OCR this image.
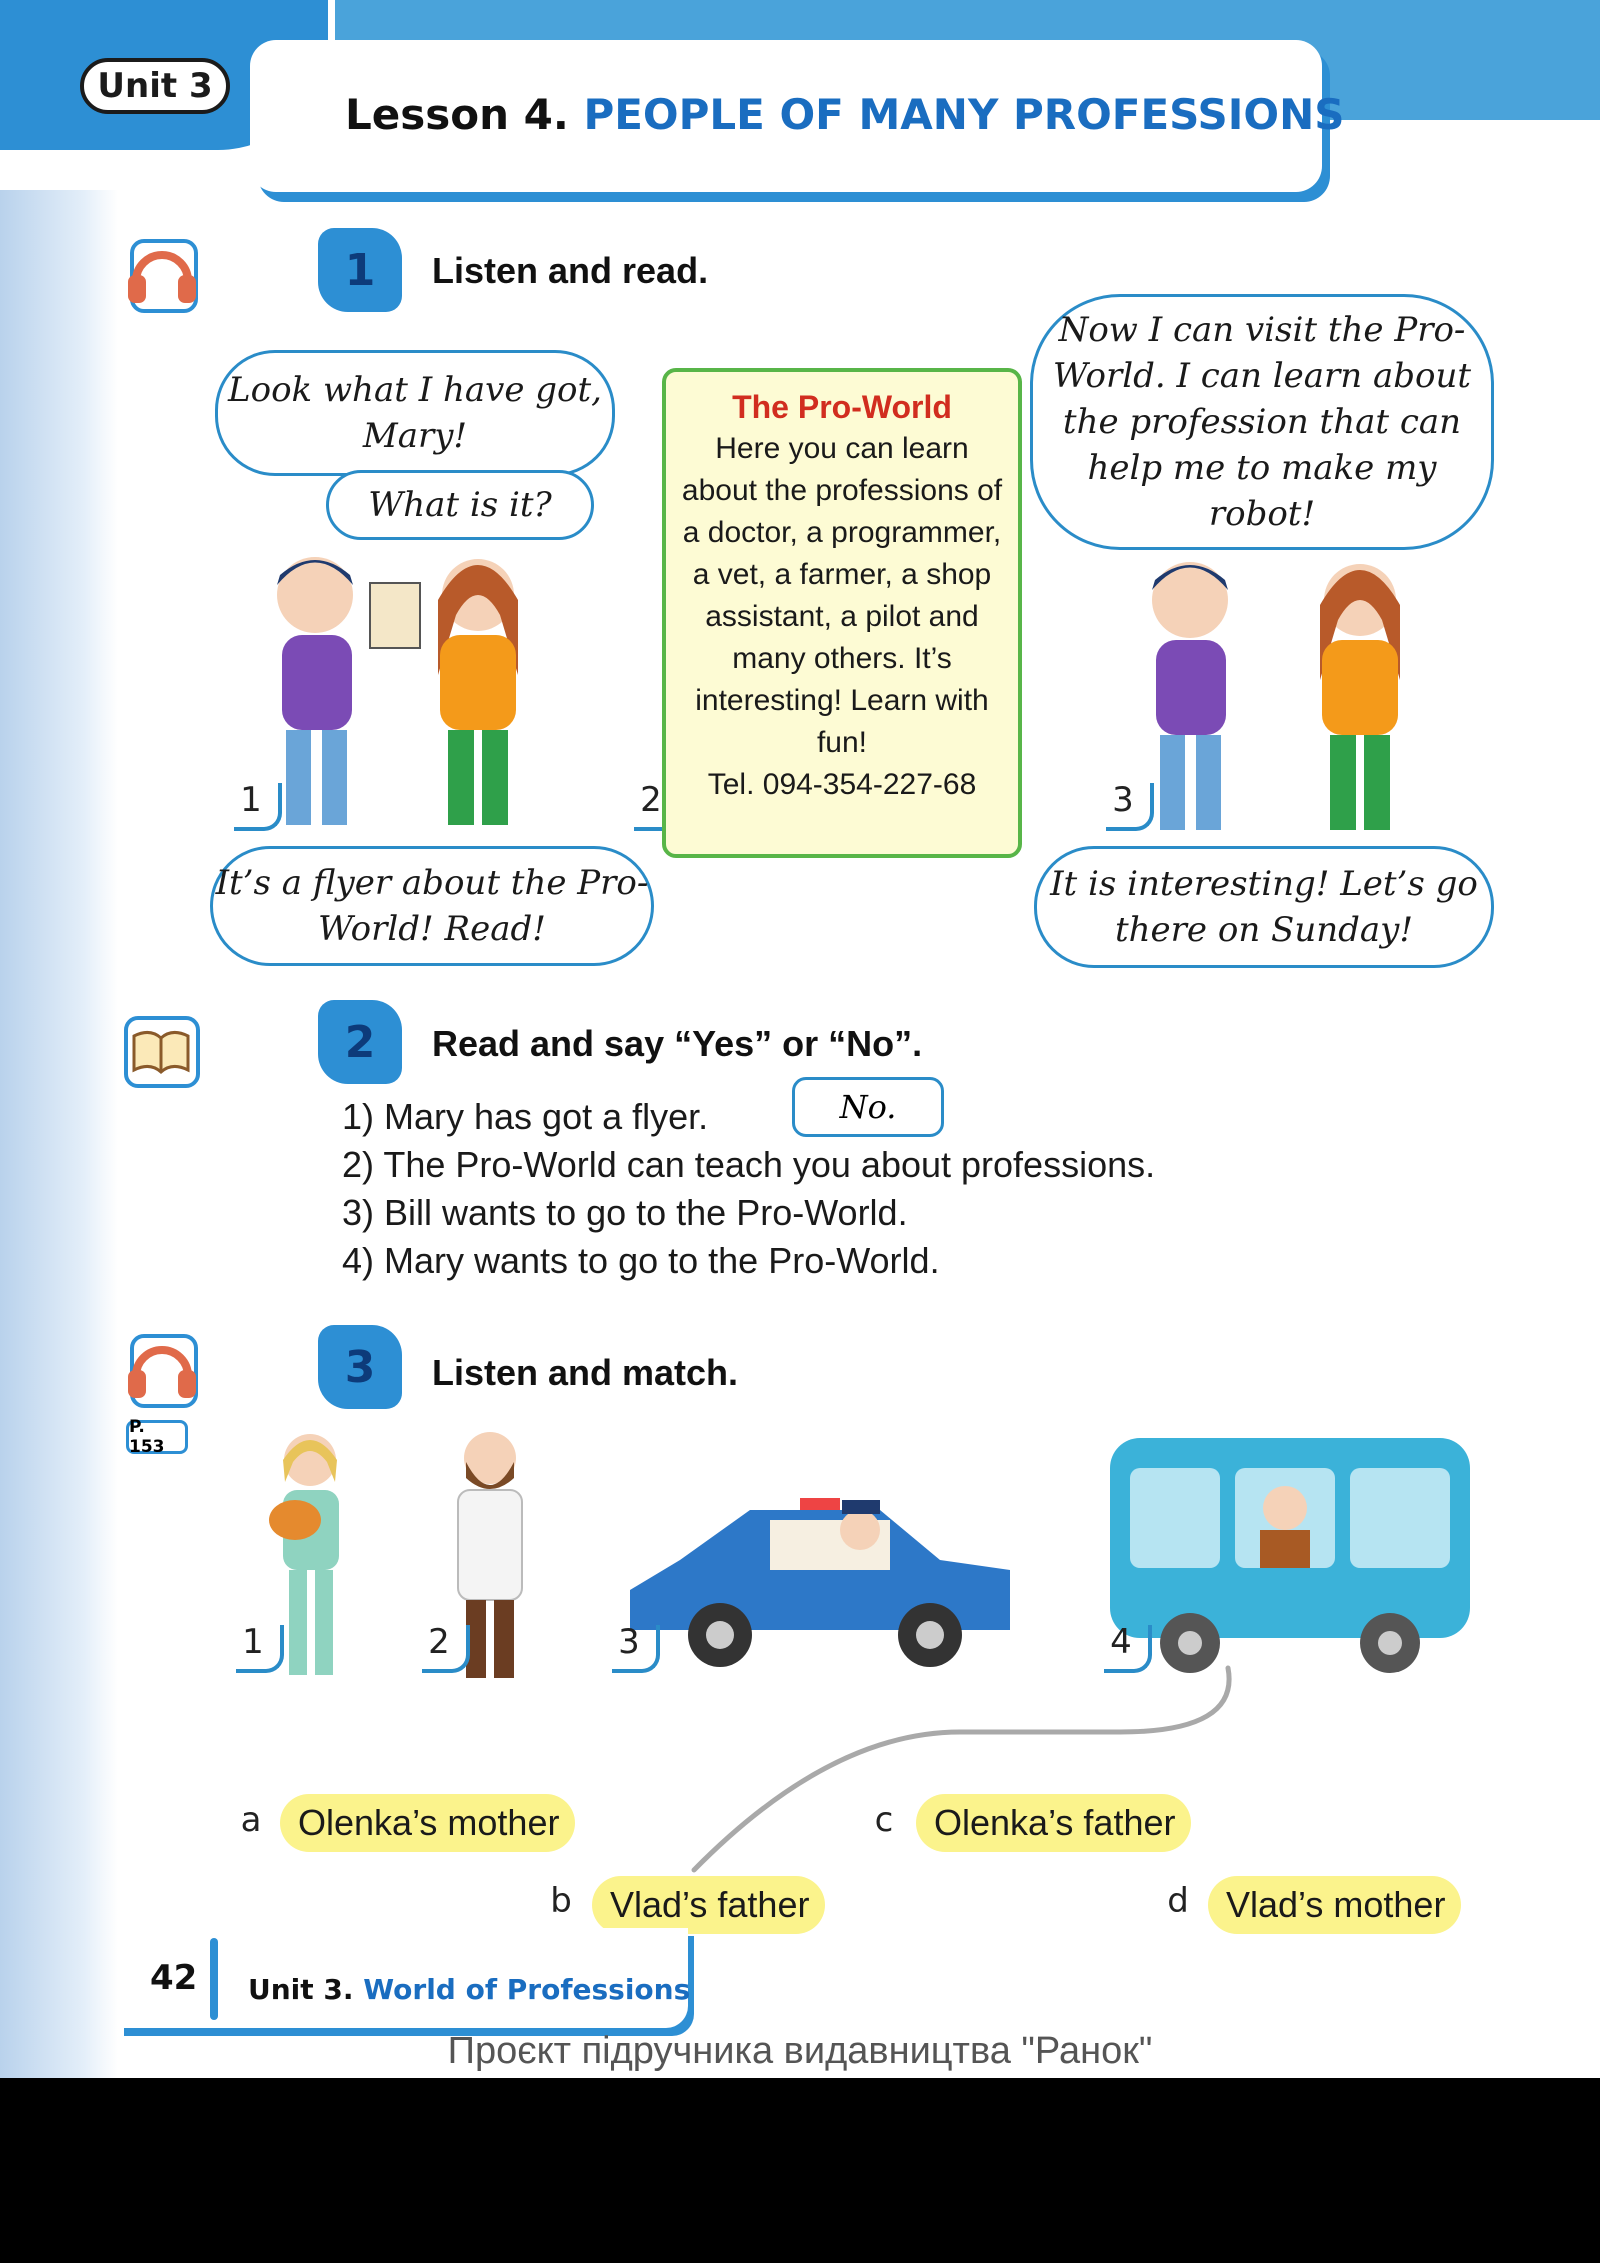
Unit 3
Lesson 4. PEOPLE OF MANY PROFESSIONS
1	Listen and read.
Look what I have got, Mary!
What is it?
1
It’s a flyer about the Pro-World! Read!
2
The Pro-World
Here you can learn about the professions of a doctor, a programmer, a vet, a farmer, a shop assistant, a pilot and many others. It’s interesting! Learn with fun!
Tel. 094-354-227-68
Now I can visit the Pro-World. I can learn about the profession that can help me to make my robot!
3
It is interesting! Let’s go there on Sunday!
2	Read and say “Yes” or “No”.
1) Mary has got a flyer.
2) The Pro-World can teach you about professions.
3) Bill wants to go to the Pro-World.
4) Mary wants to go to the Pro-World.
No.
P. 153
3	Listen and match.
1	2	3	4
a	Olenka’s mother
b	Vlad’s father
c	Olenka’s father
d	Vlad’s mother
42 Unit 3. World of Professions
Проєкт підручника видавництва "Ранок"
